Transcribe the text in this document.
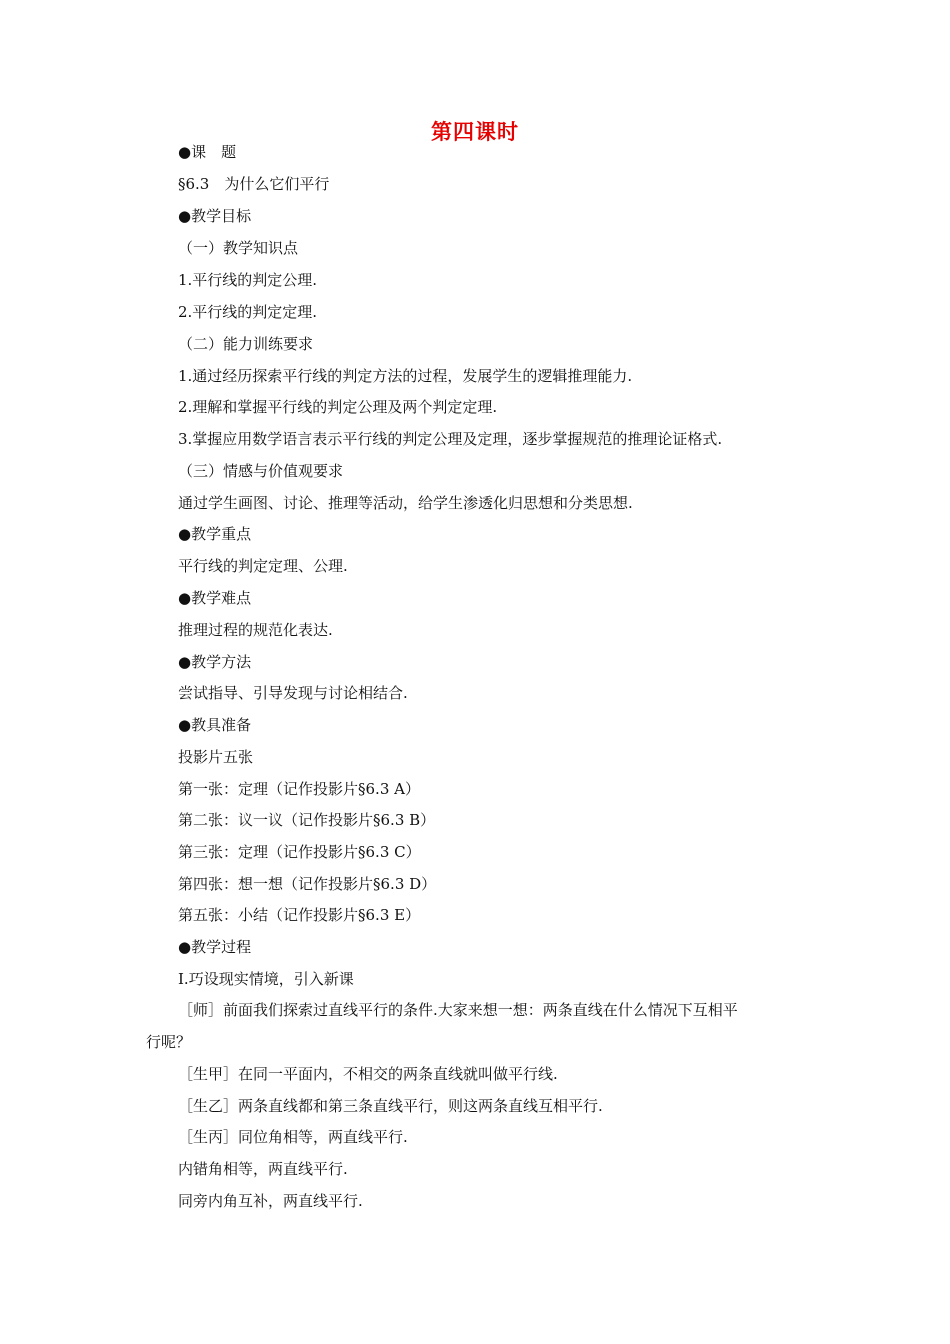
第四课时
●课　题
§6.3　为什么它们平行
●教学目标
（一）教学知识点
1.平行线的判定公理.
2.平行线的判定定理.
（二）能力训练要求
1.通过经历探索平行线的判定方法的过程，发展学生的逻辑推理能力.
2.理解和掌握平行线的判定公理及两个判定定理.
3.掌握应用数学语言表示平行线的判定公理及定理，逐步掌握规范的推理论证格式.
（三）情感与价值观要求
通过学生画图、讨论、推理等活动，给学生渗透化归思想和分类思想.
●教学重点
平行线的判定定理、公理.
●教学难点
推理过程的规范化表达.
●教学方法
尝试指导、引导发现与讨论相结合.
●教具准备
投影片五张
第一张：定理（记作投影片§6.3 A）
第二张：议一议（记作投影片§6.3 B）
第三张：定理（记作投影片§6.3 C）
第四张：想一想（记作投影片§6.3 D）
第五张：小结（记作投影片§6.3 E）
●教学过程
Ⅰ.巧设现实情境，引入新课
［师］前面我们探索过直线平行的条件.大家来想一想：两条直线在什么情况下互相平
行呢？
［生甲］在同一平面内，不相交的两条直线就叫做平行线.
［生乙］两条直线都和第三条直线平行，则这两条直线互相平行.
［生丙］同位角相等，两直线平行.
内错角相等，两直线平行.
同旁内角互补，两直线平行.
